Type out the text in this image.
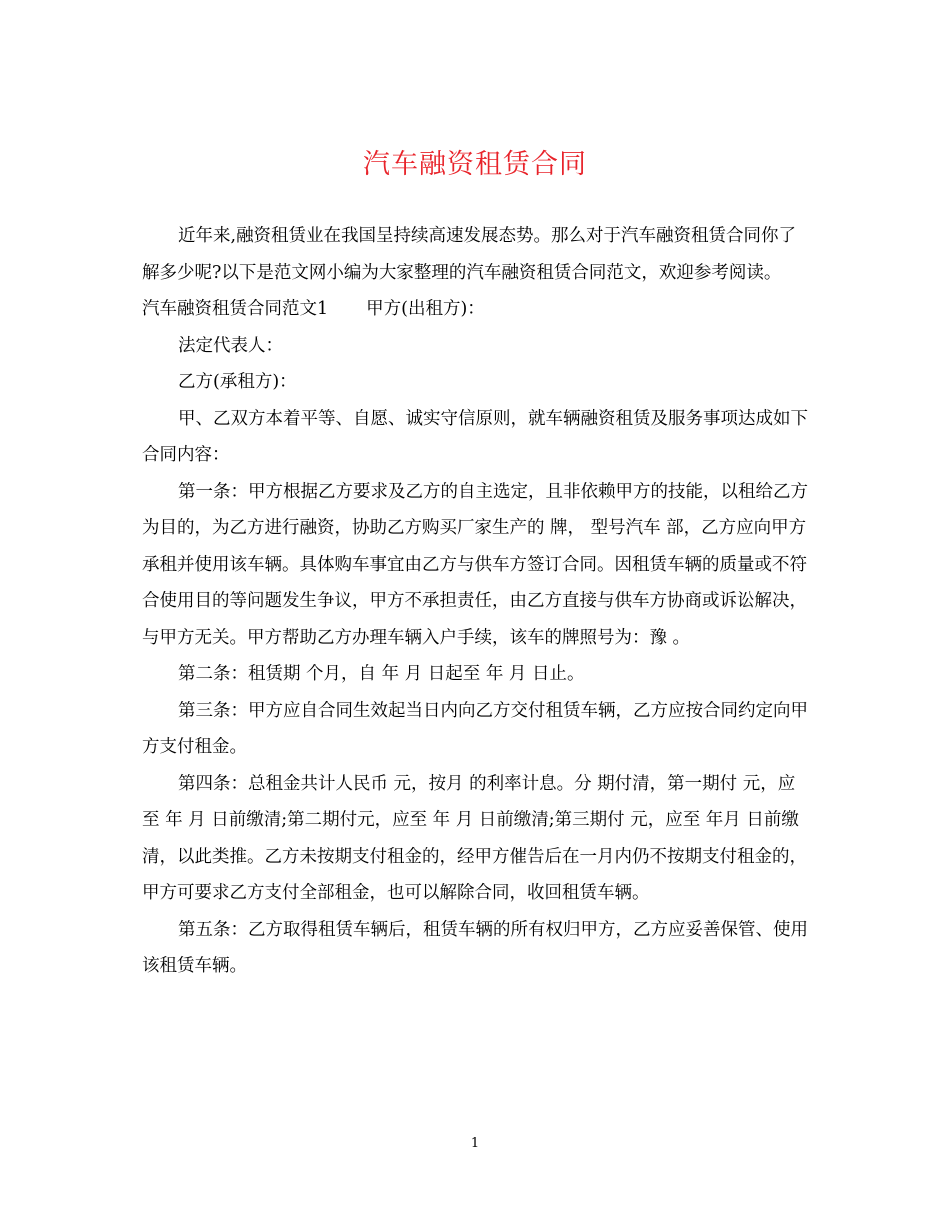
汽车融资租赁合同

近年来,融资租赁业在我国呈持续高速发展态势。那么对于汽车融资租赁合同你了解多少呢?以下是范文网小编为大家整理的汽车融资租赁合同范文，欢迎参考阅读。

汽车融资租赁合同范文1 甲方(出租方)：

法定代表人：

乙方(承租方)：

甲、乙双方本着平等、自愿、诚实守信原则，就车辆融资租赁及服务事项达成如下合同内容：

第一条：甲方根据乙方要求及乙方的自主选定，且非依赖甲方的技能，以租给乙方为目的，为乙方进行融资，协助乙方购买厂家生产的 牌， 型号汽车 部，乙方应向甲方承租并使用该车辆。具体购车事宜由乙方与供车方签订合同。因租赁车辆的质量或不符合使用目的等问题发生争议，甲方不承担责任，由乙方直接与供车方协商或诉讼解决，与甲方无关。甲方帮助乙方办理车辆入户手续，该车的牌照号为：豫 。

第二条：租赁期 个月，自 年 月 日起至 年 月 日止。

第三条：甲方应自合同生效起当日内向乙方交付租赁车辆，乙方应按合同约定向甲方支付租金。

第四条：总租金共计人民币 元，按月 的利率计息。分 期付清，第一期付 元，应至 年 月 日前缴清;第二期付元，应至 年 月 日前缴清;第三期付 元，应至 年月 日前缴清，以此类推。乙方未按期支付租金的，经甲方催告后在一月内仍不按期支付租金的，甲方可要求乙方支付全部租金，也可以解除合同，收回租赁车辆。

第五条：乙方取得租赁车辆后，租赁车辆的所有权归甲方，乙方应妥善保管、使用该租赁车辆。

1
